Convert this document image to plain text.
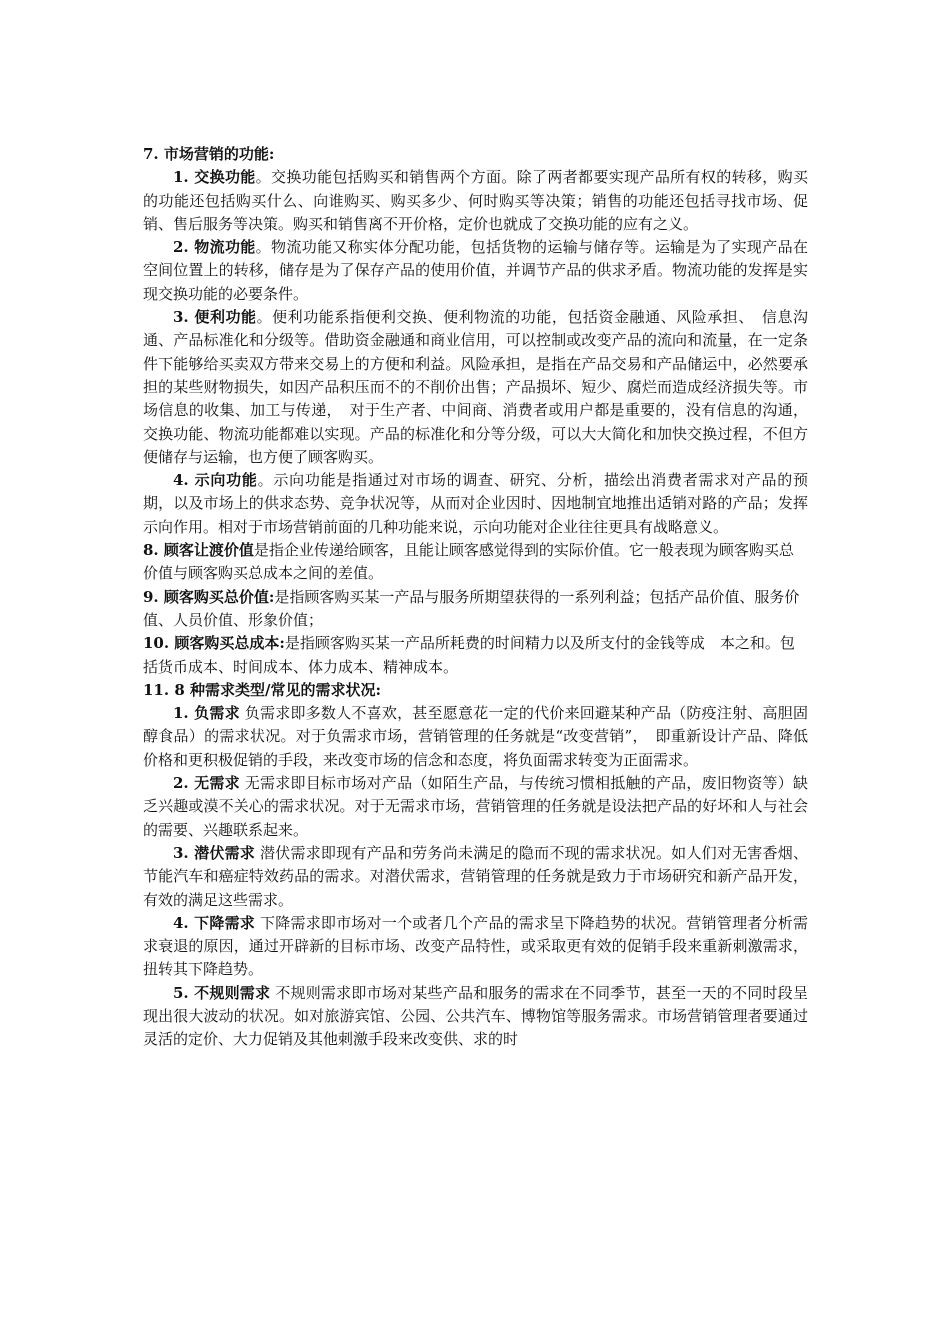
7. 市场营销的功能:

1. 交换功能。交换功能包括购买和销售两个方面。除了两者都要实现产品所有权的转移，购买的功能还包括购买什么、向谁购买、购买多少、何时购买等决策；销售的功能还包括寻找市场、促销、售后服务等决策。购买和销售离不开价格，定价也就成了交换功能的应有之义。

2. 物流功能。物流功能又称实体分配功能，包括货物的运输与储存等。运输是为了实现产品在空间位置上的转移，储存是为了保存产品的使用价值，并调节产品的供求矛盾。物流功能的发挥是实现交换功能的必要条件。

3. 便利功能。便利功能系指便利交换、便利物流的功能，包括资金融通、风险承担、　信息沟通、产品标准化和分级等。借助资金融通和商业信用，可以控制或改变产品的流向和流量，在一定条件下能够给买卖双方带来交易上的方便和利益。风险承担，是指在产品交易和产品储运中，必然要承担的某些财物损失，如因产品积压而不的不削价出售；产品损坏、短少、腐烂而造成经济损失等。市场信息的收集、加工与传递，　对于生产者、中间商、消费者或用户都是重要的，没有信息的沟通，交换功能、物流功能都难以实现。产品的标准化和分等分级，可以大大简化和加快交换过程，不但方便储存与运输，也方便了顾客购买。

4. 示向功能。示向功能是指通过对市场的调查、研究、分析，描绘出消费者需求对产品的预期，以及市场上的供求态势、竞争状况等，从而对企业因时、因地制宜地推出适销对路的产品；发挥示向作用。相对于市场营销前面的几种功能来说，示向功能对企业往往更具有战略意义。

8. 顾客让渡价值是指企业传递给顾客，且能让顾客感觉得到的实际价值。它一般表现为顾客购买总价值与顾客购买总成本之间的差值。

9. 顾客购买总价值:是指顾客购买某一产品与服务所期望获得的一系列利益；包括产品价值、服务价值、人员价值、形象价值；

10. 顾客购买总成本:是指顾客购买某一产品所耗费的时间精力以及所支付的金钱等成　本之和。包括货币成本、时间成本、体力成本、精神成本。

11. 8 种需求类型/常见的需求状况:

1. 负需求 负需求即多数人不喜欢，甚至愿意花一定的代价来回避某种产品（防疫注射、高胆固醇食品）的需求状况。对于负需求市场，营销管理的任务就是“改变营销”，　即重新设计产品、降低价格和更积极促销的手段，来改变市场的信念和态度，将负面需求转变为正面需求。

2. 无需求 无需求即目标市场对产品（如陌生产品，与传统习惯相抵触的产品，废旧物资等）缺乏兴趣或漠不关心的需求状况。对于无需求市场，营销管理的任务就是设法把产品的好坏和人与社会的需要、兴趣联系起来。

3. 潜伏需求 潜伏需求即现有产品和劳务尚未满足的隐而不现的需求状况。如人们对无害香烟、节能汽车和癌症特效药品的需求。对潜伏需求，营销管理的任务就是致力于市场研究和新产品开发，有效的满足这些需求。

4. 下降需求 下降需求即市场对一个或者几个产品的需求呈下降趋势的状况。营销管理者分析需求衰退的原因，通过开辟新的目标市场、改变产品特性，或采取更有效的促销手段来重新刺激需求，扭转其下降趋势。

5. 不规则需求 不规则需求即市场对某些产品和服务的需求在不同季节，甚至一天的不同时段呈现出很大波动的状况。如对旅游宾馆、公园、公共汽车、博物馆等服务需求。市场营销管理者要通过灵活的定价、大力促销及其他刺激手段来改变供、求的时
